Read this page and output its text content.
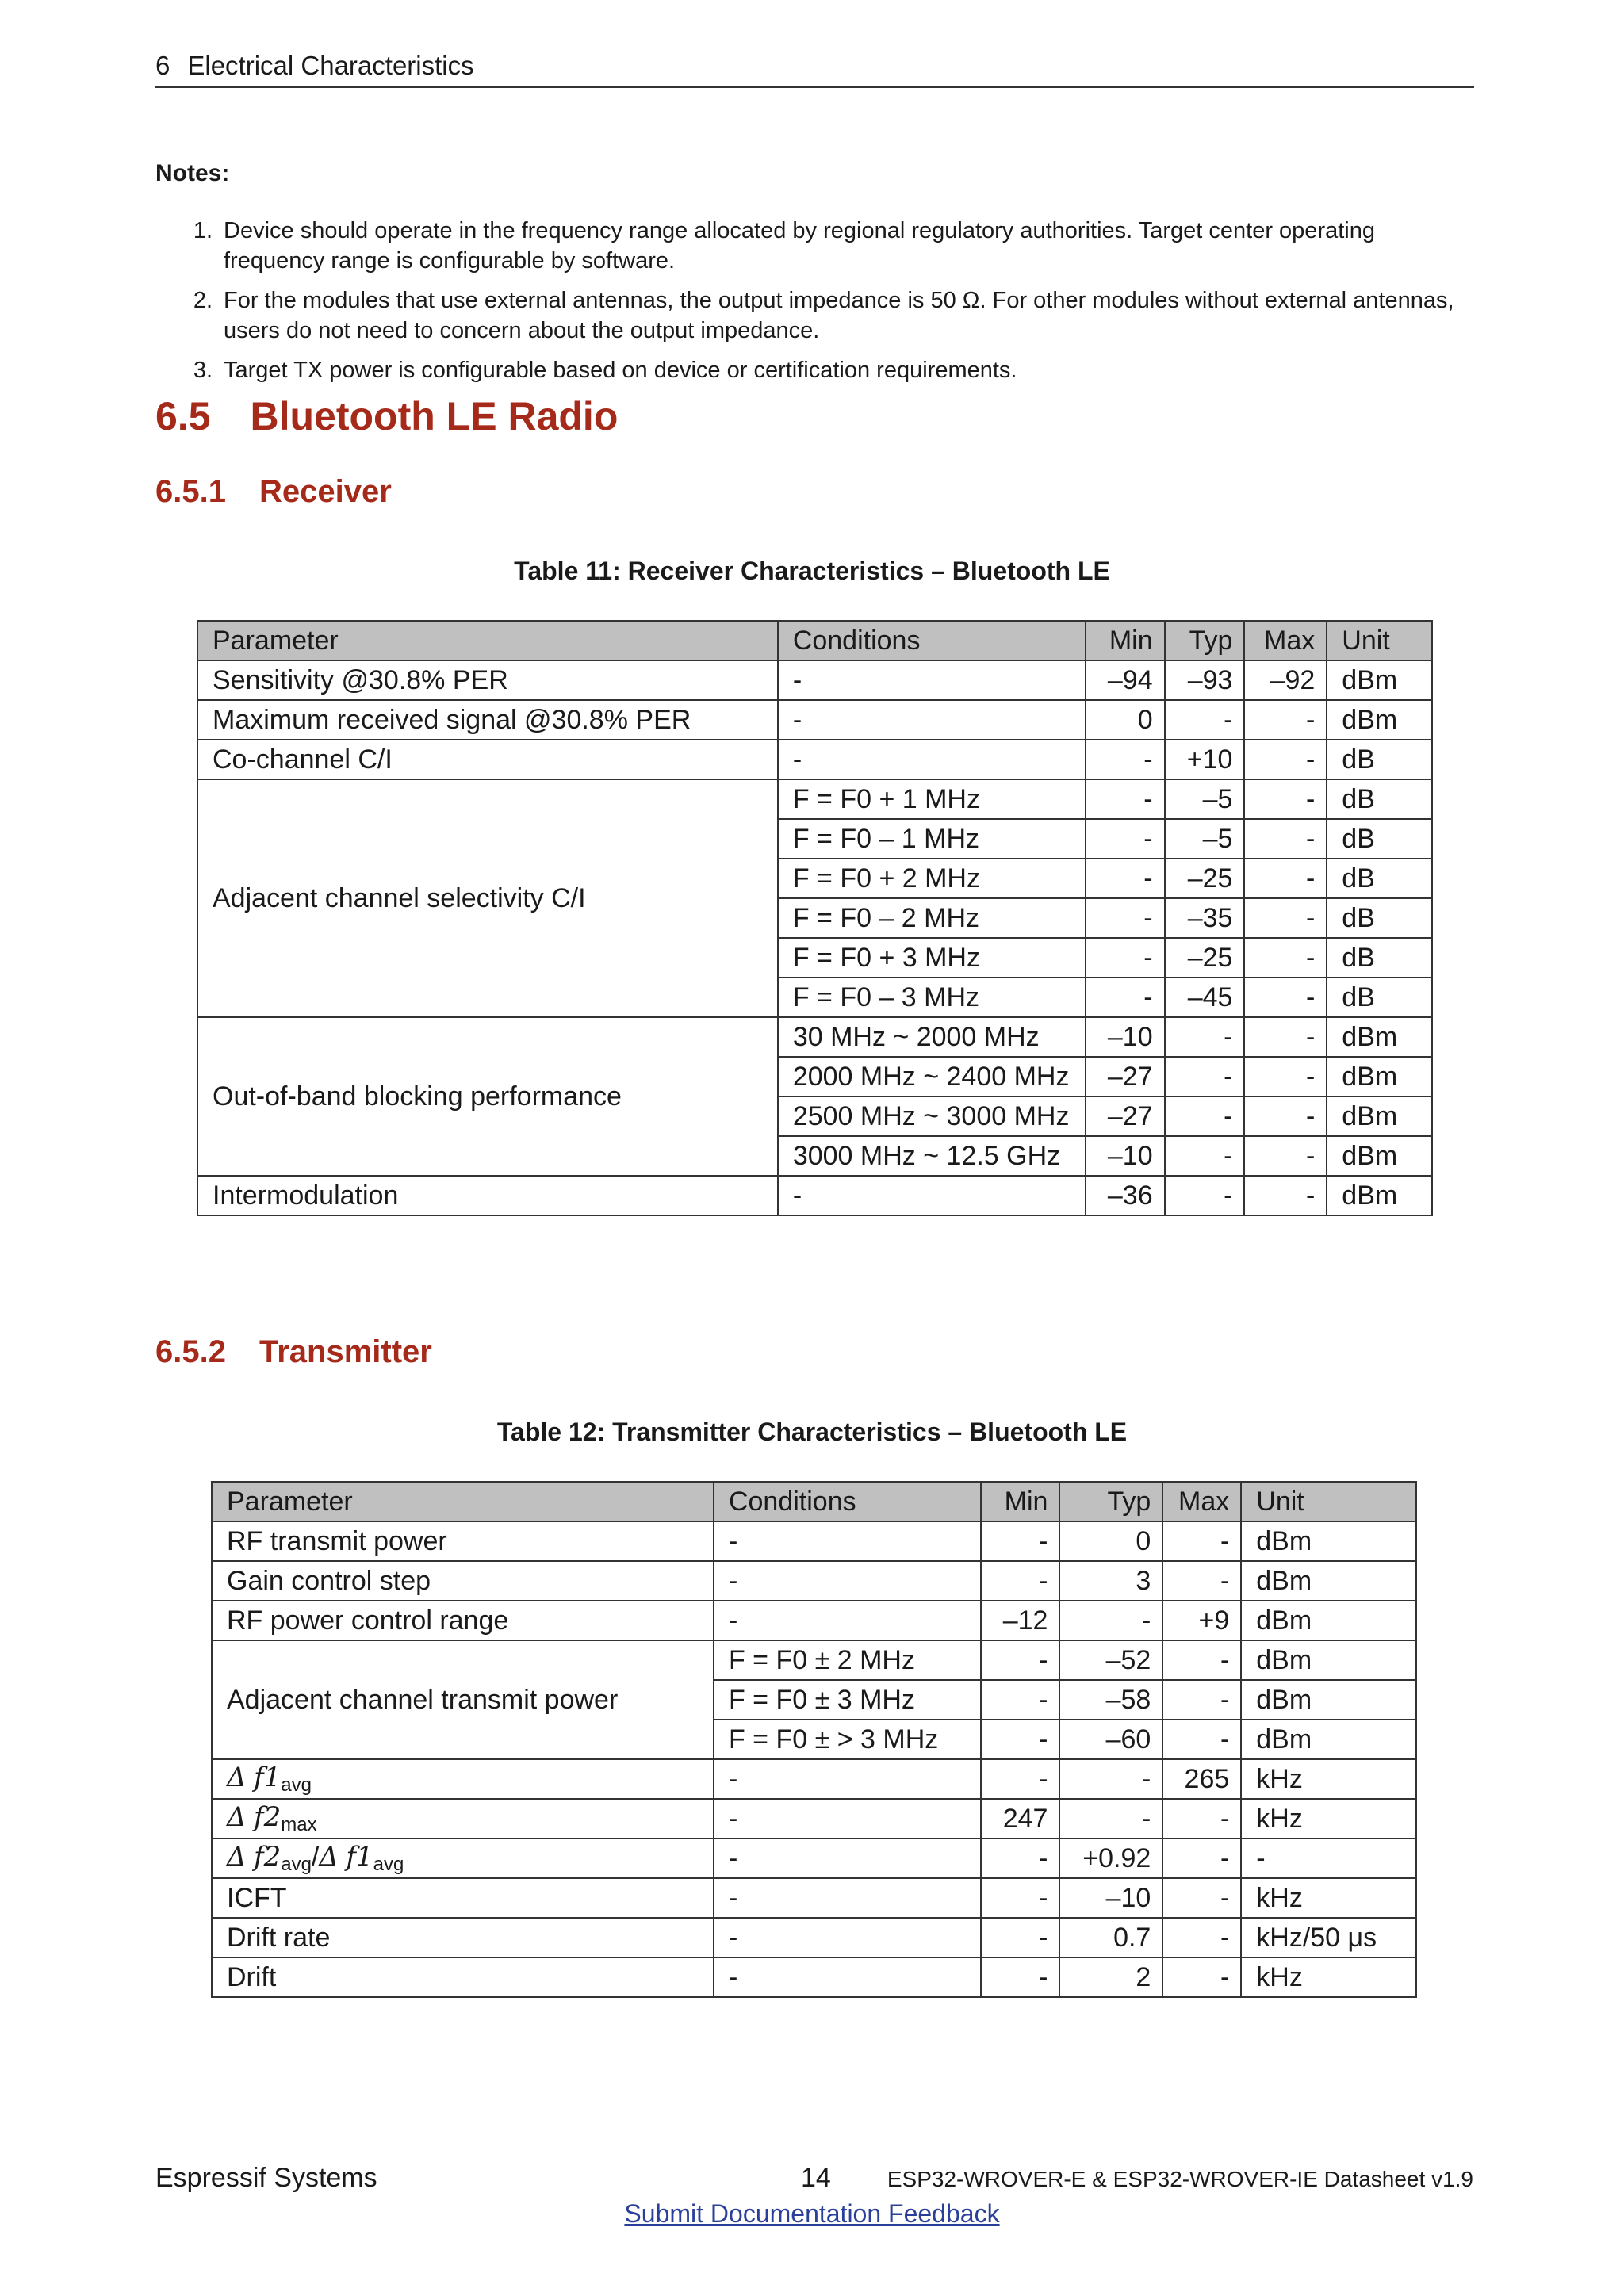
6 Electrical Characteristics
Notes:
1. Device should operate in the frequency range allocated by regional regulatory authorities. Target center operating frequency range is configurable by software.
2. For the modules that use external antennas, the output impedance is 50 Ω. For other modules without external antennas, users do not need to concern about the output impedance.
3. Target TX power is configurable based on device or certification requirements.
6.5 Bluetooth LE Radio
6.5.1 Receiver
Table 11: Receiver Characteristics – Bluetooth LE
Parameter	Conditions	Min	Typ	Max	Unit
Sensitivity @30.8% PER	-	–94	–93	–92	dBm
Maximum received signal @30.8% PER	-	0	-	-	dBm
Co-channel C/I	-	-	+10	-	dB
Adjacent channel selectivity C/I	F = F0 + 1 MHz	-	–5	-	dB
	F = F0 – 1 MHz	-	–5	-	dB
	F = F0 + 2 MHz	-	–25	-	dB
	F = F0 – 2 MHz	-	–35	-	dB
	F = F0 + 3 MHz	-	–25	-	dB
	F = F0 – 3 MHz	-	–45	-	dB
Out-of-band blocking performance	30 MHz ~ 2000 MHz	–10	-	-	dBm
	2000 MHz ~ 2400 MHz	–27	-	-	dBm
	2500 MHz ~ 3000 MHz	–27	-	-	dBm
	3000 MHz ~ 12.5 GHz	–10	-	-	dBm
Intermodulation	-	–36	-	-	dBm
6.5.2 Transmitter
Table 12: Transmitter Characteristics – Bluetooth LE
Parameter	Conditions	Min	Typ	Max	Unit
RF transmit power	-	-	0	-	dBm
Gain control step	-	-	3	-	dBm
RF power control range	-	–12	-	+9	dBm
Adjacent channel transmit power	F = F0 ± 2 MHz	-	–52	-	dBm
	F = F0 ± 3 MHz	-	–58	-	dBm
	F = F0 ± > 3 MHz	-	–60	-	dBm
Δ $f1_{avg}$	-	-	-	265	kHz
Δ $f2_{max}$	-	247	-	-	kHz
Δ $f2_{avg}/\Delta$ $f1_{avg}$	-	-	+0.92	-	-
ICFT	-	-	–10	-	kHz
Drift rate	-	-	0.7	-	kHz/50 μs
Drift	-	-	2	-	kHz
Espressif Systems	14	ESP32-WROVER-E & ESP32-WROVER-IE Datasheet v1.9
Submit Documentation Feedback
